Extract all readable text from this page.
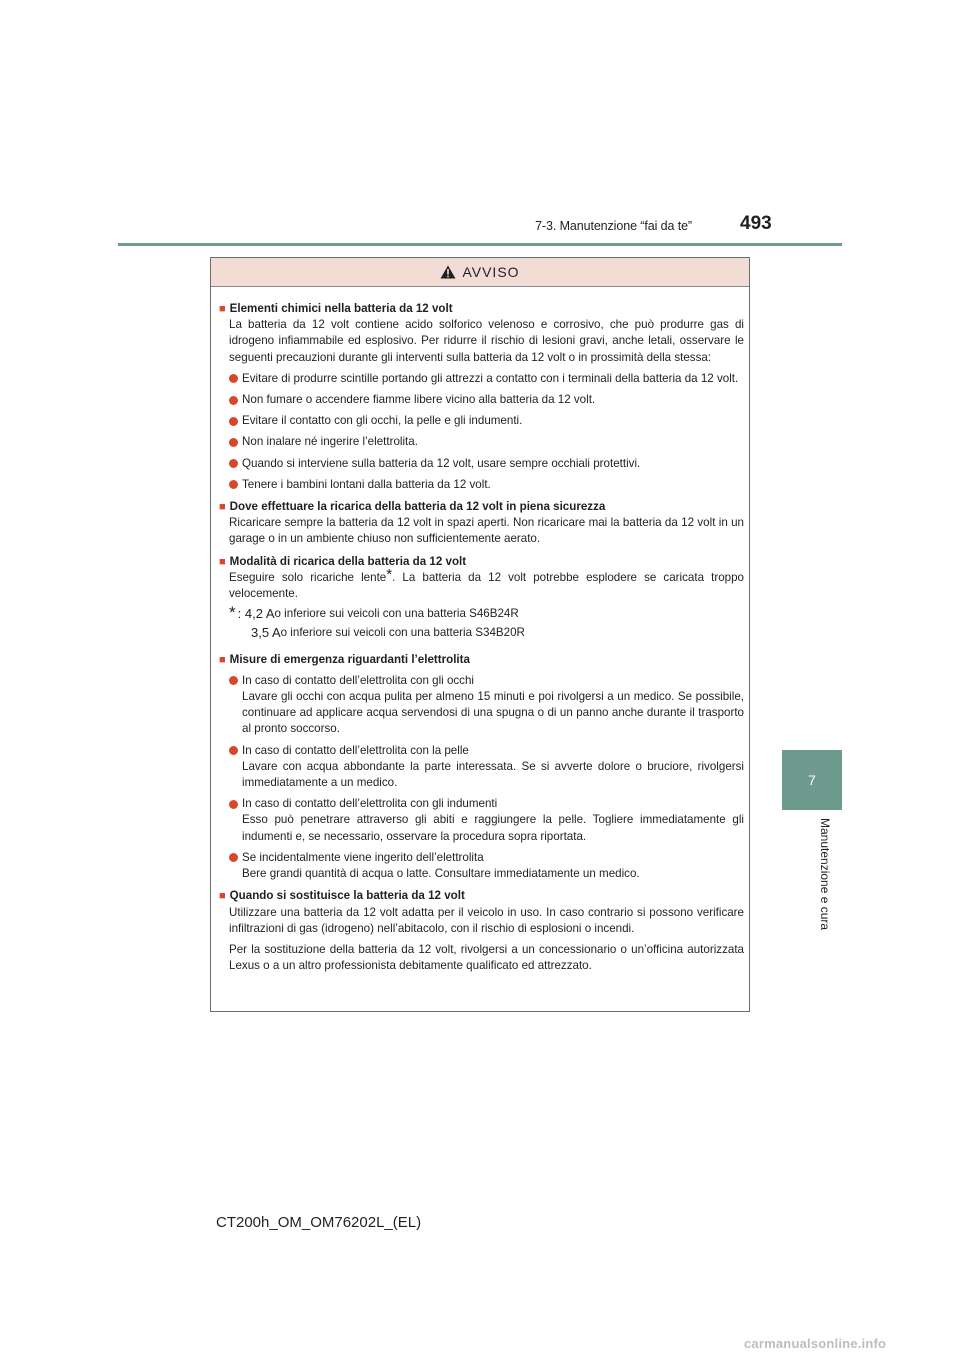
7-3. Manutenzione “fai da te”	493
7
Manutenzione e cura
AVVISO
■ Elementi chimici nella batteria da 12 volt
La batteria da 12 volt contiene acido solforico velenoso e corrosivo, che può produrre gas di idrogeno infiammabile ed esplosivo. Per ridurre il rischio di lesioni gravi, anche letali, osservare le seguenti precauzioni durante gli interventi sulla batteria da 12 volt o in prossimità della stessa:
Evitare di produrre scintille portando gli attrezzi a contatto con i terminali della batteria da 12 volt.
Non fumare o accendere fiamme libere vicino alla batteria da 12 volt.
Evitare il contatto con gli occhi, la pelle e gli indumenti.
Non inalare né ingerire l’elettrolita.
Quando si interviene sulla batteria da 12 volt, usare sempre occhiali protettivi.
Tenere i bambini lontani dalla batteria da 12 volt.
■ Dove effettuare la ricarica della batteria da 12 volt in piena sicurezza
Ricaricare sempre la batteria da 12 volt in spazi aperti. Non ricaricare mai la batteria da 12 volt in un garage o in un ambiente chiuso non sufficientemente aerato.
■ Modalità di ricarica della batteria da 12 volt
Eseguire solo ricariche lente*. La batteria da 12 volt potrebbe esplodere se caricata troppo velocemente.
* : 4,2 A o inferiore sui veicoli con una batteria S46B24R
3,5 A o inferiore sui veicoli con una batteria S34B20R
■ Misure di emergenza riguardanti l’elettrolita
In caso di contatto dell’elettrolita con gli occhi
Lavare gli occhi con acqua pulita per almeno 15 minuti e poi rivolgersi a un medico. Se possibile, continuare ad applicare acqua servendosi di una spugna o di un panno anche durante il trasporto al pronto soccorso.
In caso di contatto dell’elettrolita con la pelle
Lavare con acqua abbondante la parte interessata. Se si avverte dolore o bruciore, rivolgersi immediatamente a un medico.
In caso di contatto dell’elettrolita con gli indumenti
Esso può penetrare attraverso gli abiti e raggiungere la pelle. Togliere immediatamente gli indumenti e, se necessario, osservare la procedura sopra riportata.
Se incidentalmente viene ingerito dell’elettrolita
Bere grandi quantità di acqua o latte. Consultare immediatamente un medico.
■ Quando si sostituisce la batteria da 12 volt
Utilizzare una batteria da 12 volt adatta per il veicolo in uso. In caso contrario si possono verificare infiltrazioni di gas (idrogeno) nell’abitacolo, con il rischio di esplosioni o incendi.
Per la sostituzione della batteria da 12 volt, rivolgersi a un concessionario o un’officina autorizzata Lexus o a un altro professionista debitamente qualificato ed attrezzato.
CT200h_OM_OM76202L_(EL)
carmanualsonline.info
